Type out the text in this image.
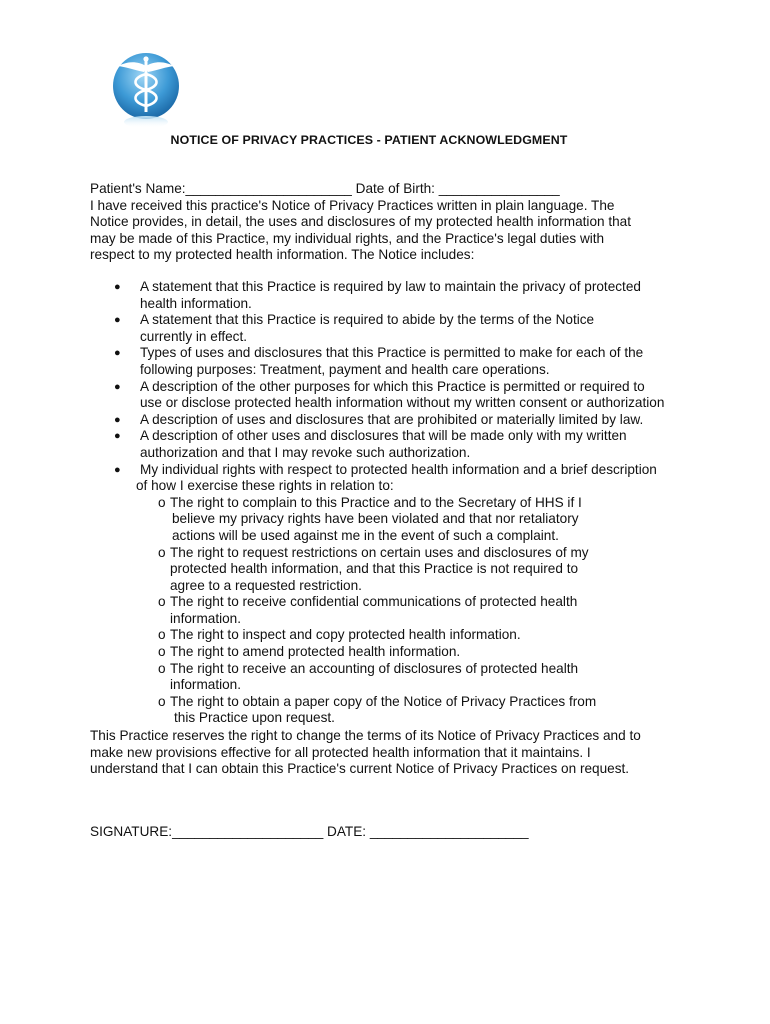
NOTICE OF PRIVACY PRACTICES - PATIENT ACKNOWLEDGMENT
Patient's Name:______________________ Date of Birth: ________________
I have received this practice's Notice of Privacy Practices written in plain language. The
Notice provides, in detail, the uses and disclosures of my protected health information that
may be made of this Practice, my individual rights, and the Practice's legal duties with
respect to my protected health information. The Notice includes:
● A statement that this Practice is required by law to maintain the privacy of protected
health information.
● A statement that this Practice is required to abide by the terms of the Notice
currently in effect.
● Types of uses and disclosures that this Practice is permitted to make for each of the
following purposes: Treatment, payment and health care operations.
● A description of the other purposes for which this Practice is permitted or required to
use or disclose protected health information without my written consent or authorization
● A description of uses and disclosures that are prohibited or materially limited by law.
● A description of other uses and disclosures that will be made only with my written
authorization and that I may revoke such authorization.
● My individual rights with respect to protected health information and a brief description
of how I exercise these rights in relation to:
o The right to complain to this Practice and to the Secretary of HHS if I
believe my privacy rights have been violated and that nor retaliatory
actions will be used against me in the event of such a complaint.
o The right to request restrictions on certain uses and disclosures of my
protected health information, and that this Practice is not required to
agree to a requested restriction.
o The right to receive confidential communications of protected health
information.
o The right to inspect and copy protected health information.
o The right to amend protected health information.
o The right to receive an accounting of disclosures of protected health
information.
o The right to obtain a paper copy of the Notice of Privacy Practices from
this Practice upon request.
This Practice reserves the right to change the terms of its Notice of Privacy Practices and to
make new provisions effective for all protected health information that it maintains. I
understand that I can obtain this Practice's current Notice of Privacy Practices on request.
SIGNATURE:____________________ DATE: _____________________
